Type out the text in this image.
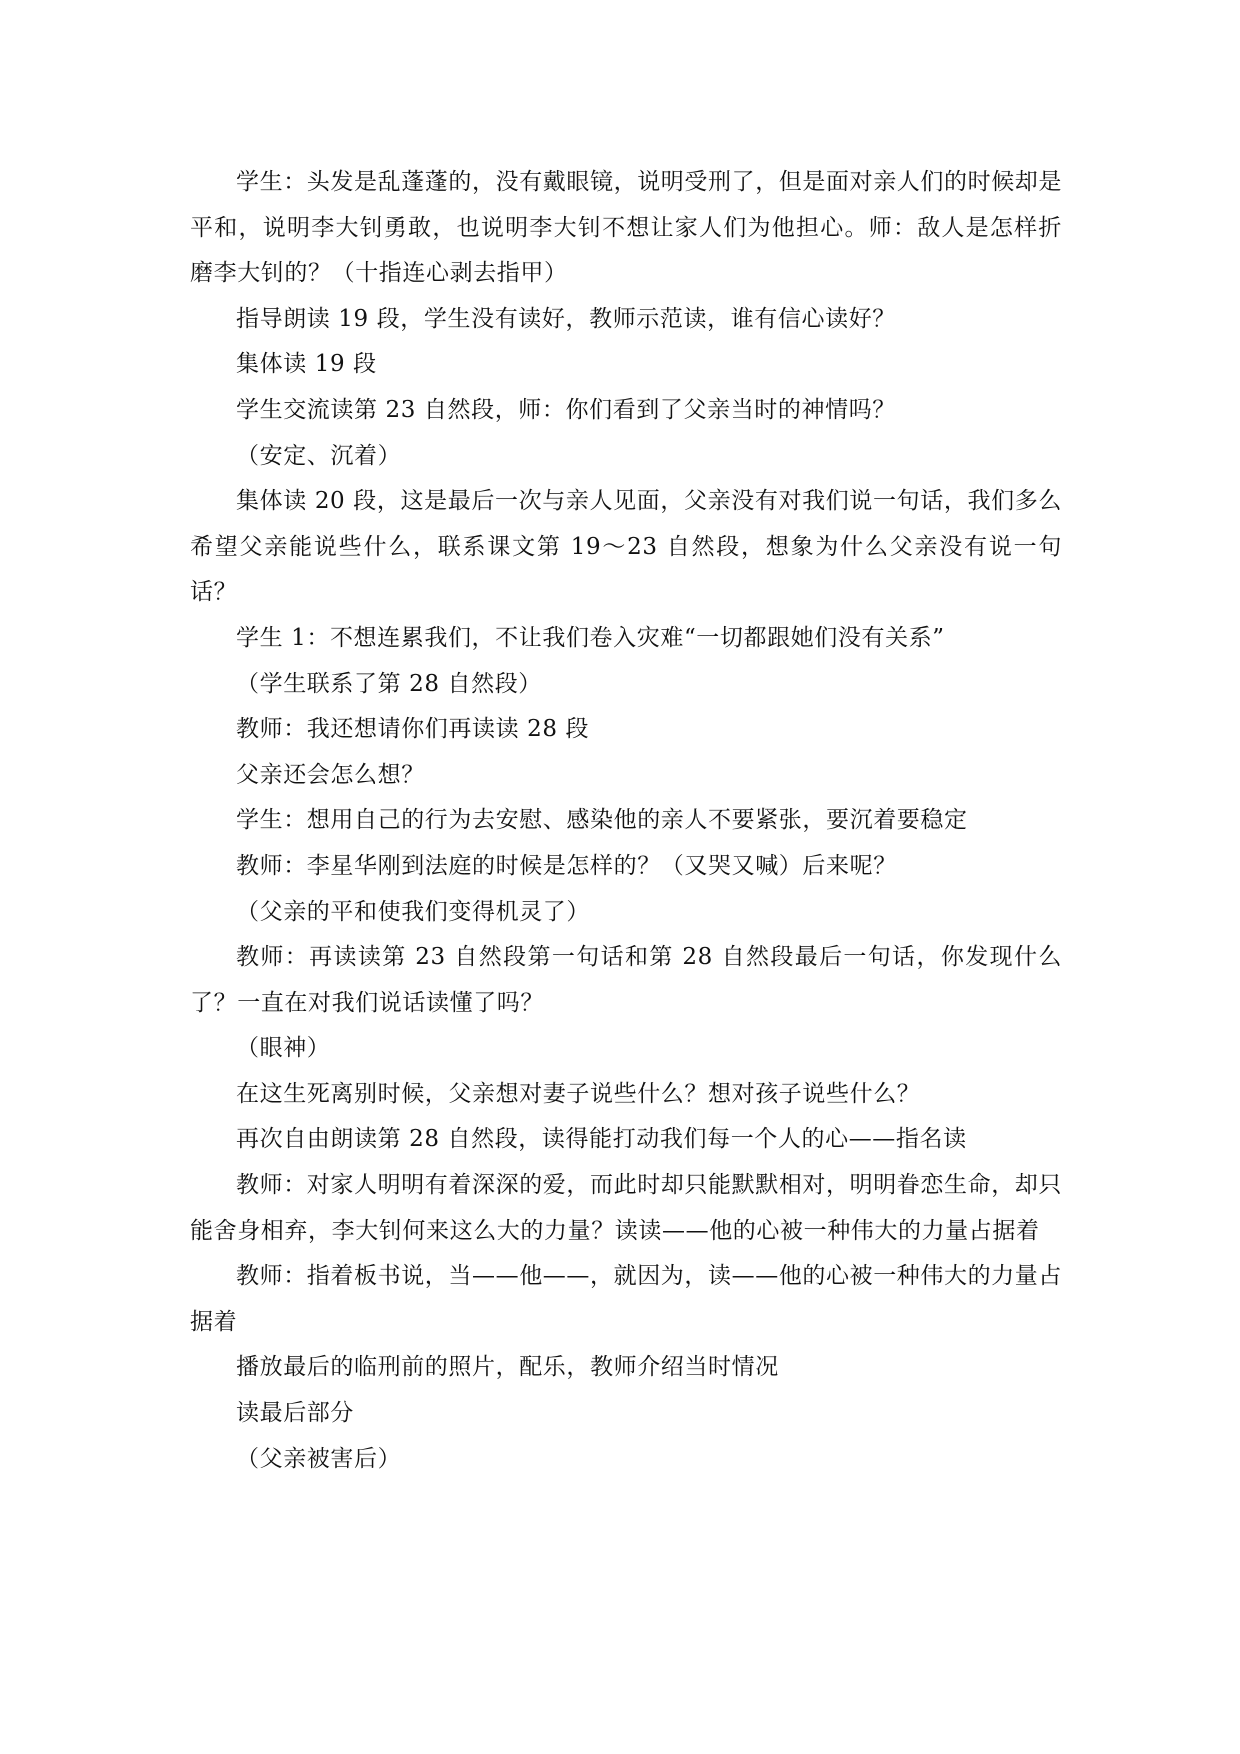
学生：头发是乱蓬蓬的，没有戴眼镜，说明受刑了，但是面对亲人们的时候却是平和，说明李大钊勇敢，也说明李大钊不想让家人们为他担心。师：敌人是怎样折磨李大钊的？（十指连心剥去指甲）

指导朗读 19 段，学生没有读好，教师示范读，谁有信心读好？

集体读 19 段

学生交流读第 23 自然段，师：你们看到了父亲当时的神情吗？

（安定、沉着）

集体读 20 段，这是最后一次与亲人见面，父亲没有对我们说一句话，我们多么希望父亲能说些什么，联系课文第 19～23 自然段，想象为什么父亲没有说一句话？

学生 1：不想连累我们，不让我们卷入灾难“一切都跟她们没有关系”

（学生联系了第 28 自然段）

教师：我还想请你们再读读 28 段

父亲还会怎么想？

学生：想用自己的行为去安慰、感染他的亲人不要紧张，要沉着要稳定

教师：李星华刚到法庭的时候是怎样的？（又哭又喊）后来呢？

（父亲的平和使我们变得机灵了）

教师：再读读第 23 自然段第一句话和第 28 自然段最后一句话，你发现什么了？一直在对我们说话读懂了吗？

（眼神）

在这生死离别时候，父亲想对妻子说些什么？想对孩子说些什么？

再次自由朗读第 28 自然段，读得能打动我们每一个人的心——指名读

教师：对家人明明有着深深的爱，而此时却只能默默相对，明明眷恋生命，却只能舍身相弃，李大钊何来这么大的力量？读读——他的心被一种伟大的力量占据着

教师：指着板书说，当——他——，就因为，读——他的心被一种伟大的力量占据着

播放最后的临刑前的照片，配乐，教师介绍当时情况

读最后部分

（父亲被害后）
